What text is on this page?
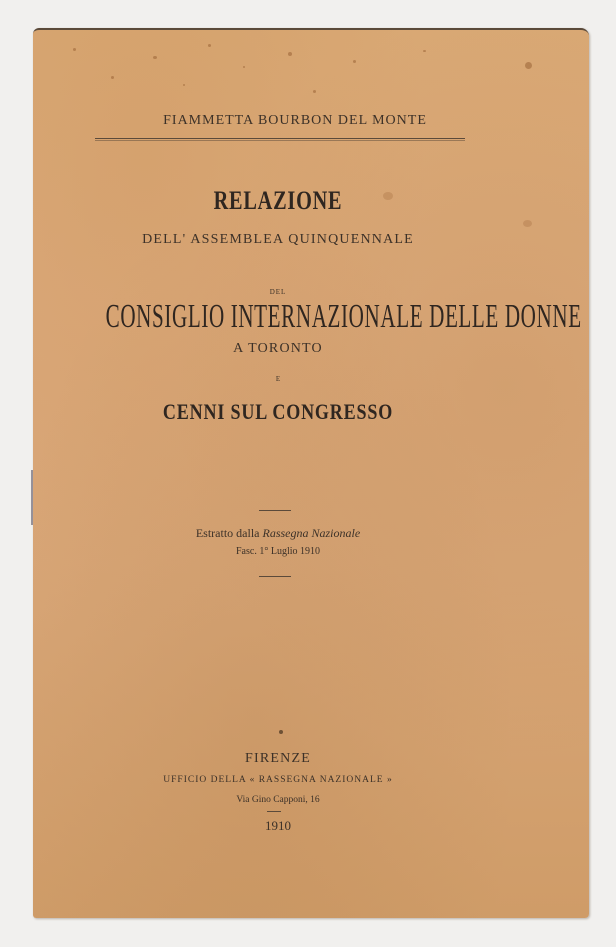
FIAMMETTA BOURBON DEL MONTE
RELAZIONE
DELL' ASSEMBLEA QUINQUENNALE
DEL
CONSIGLIO INTERNAZIONALE DELLE DONNE
A TORONTO
E
CENNI SUL CONGRESSO
Estratto dalla Rassegna Nazionale
Fasc. 1° Luglio 1910
FIRENZE
UFFICIO DELLA « RASSEGNA NAZIONALE »
Via Gino Capponi, 16
1910
